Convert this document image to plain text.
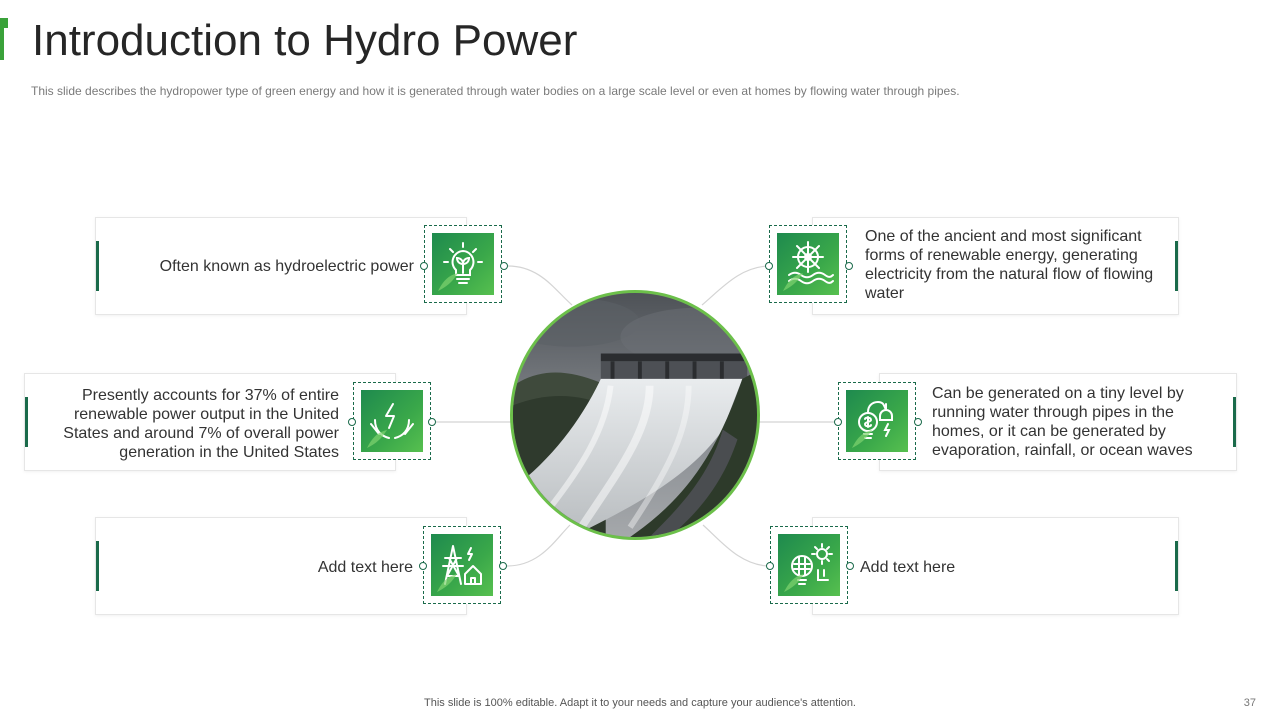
Introduction to Hydro Power
This slide describes the hydropower type of green energy and how it is generated through water bodies on a large scale level or even at homes by flowing water through pipes.
Often known as hydroelectric power
One of the ancient and most significant forms of renewable energy, generating electricity from the natural flow of flowing water
Presently accounts for 37% of entire renewable power output in the United States and around 7% of overall power generation in the United States
Can be generated on a tiny level by running water through pipes in the homes, or it can be generated by evaporation, rainfall, or ocean waves
Add text here	Add text here
This slide is 100% editable. Adapt it to your needs and capture your audience's attention.	37
